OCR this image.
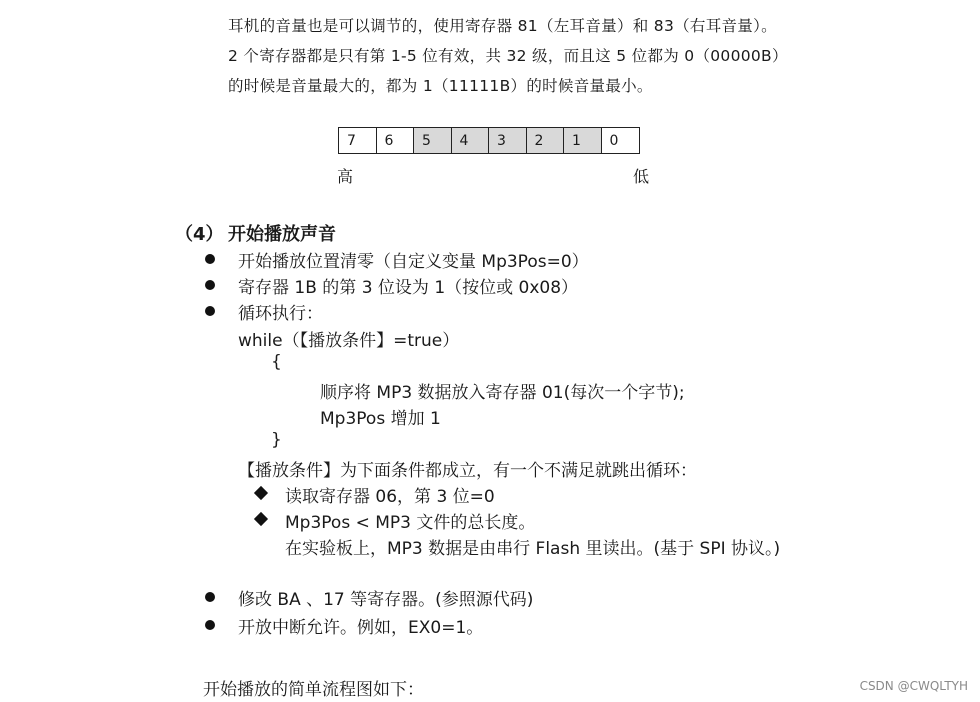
耳机的音量也是可以调节的，使用寄存器 81（左耳音量）和 83（右耳音量）。
2 个寄存器都是只有第 1-5 位有效，共 32 级，而且这 5 位都为 0（00000B）
的时候是音量最大的，都为 1（11111B）的时候音量最小。
7	6	5	4	3	2	1	0
高	低
（4） 开始播放声音
开始播放位置清零（自定义变量 Mp3Pos=0）
寄存器 1B 的第 3 位设为 1（按位或 0x08）
循环执行：
while（【播放条件】=true）
{
顺序将 MP3 数据放入寄存器 01(每次一个字节);
Mp3Pos 增加 1
}
【播放条件】为下面条件都成立，有一个不满足就跳出循环：
读取寄存器 06，第 3 位=0
Mp3Pos < MP3 文件的总长度。
在实验板上，MP3 数据是由串行 Flash 里读出。(基于 SPI 协议。)
修改 BA 、17 等寄存器。(参照源代码)
开放中断允许。例如，EX0=1。
开始播放的简单流程图如下：	CSDN @CWQLTYH
